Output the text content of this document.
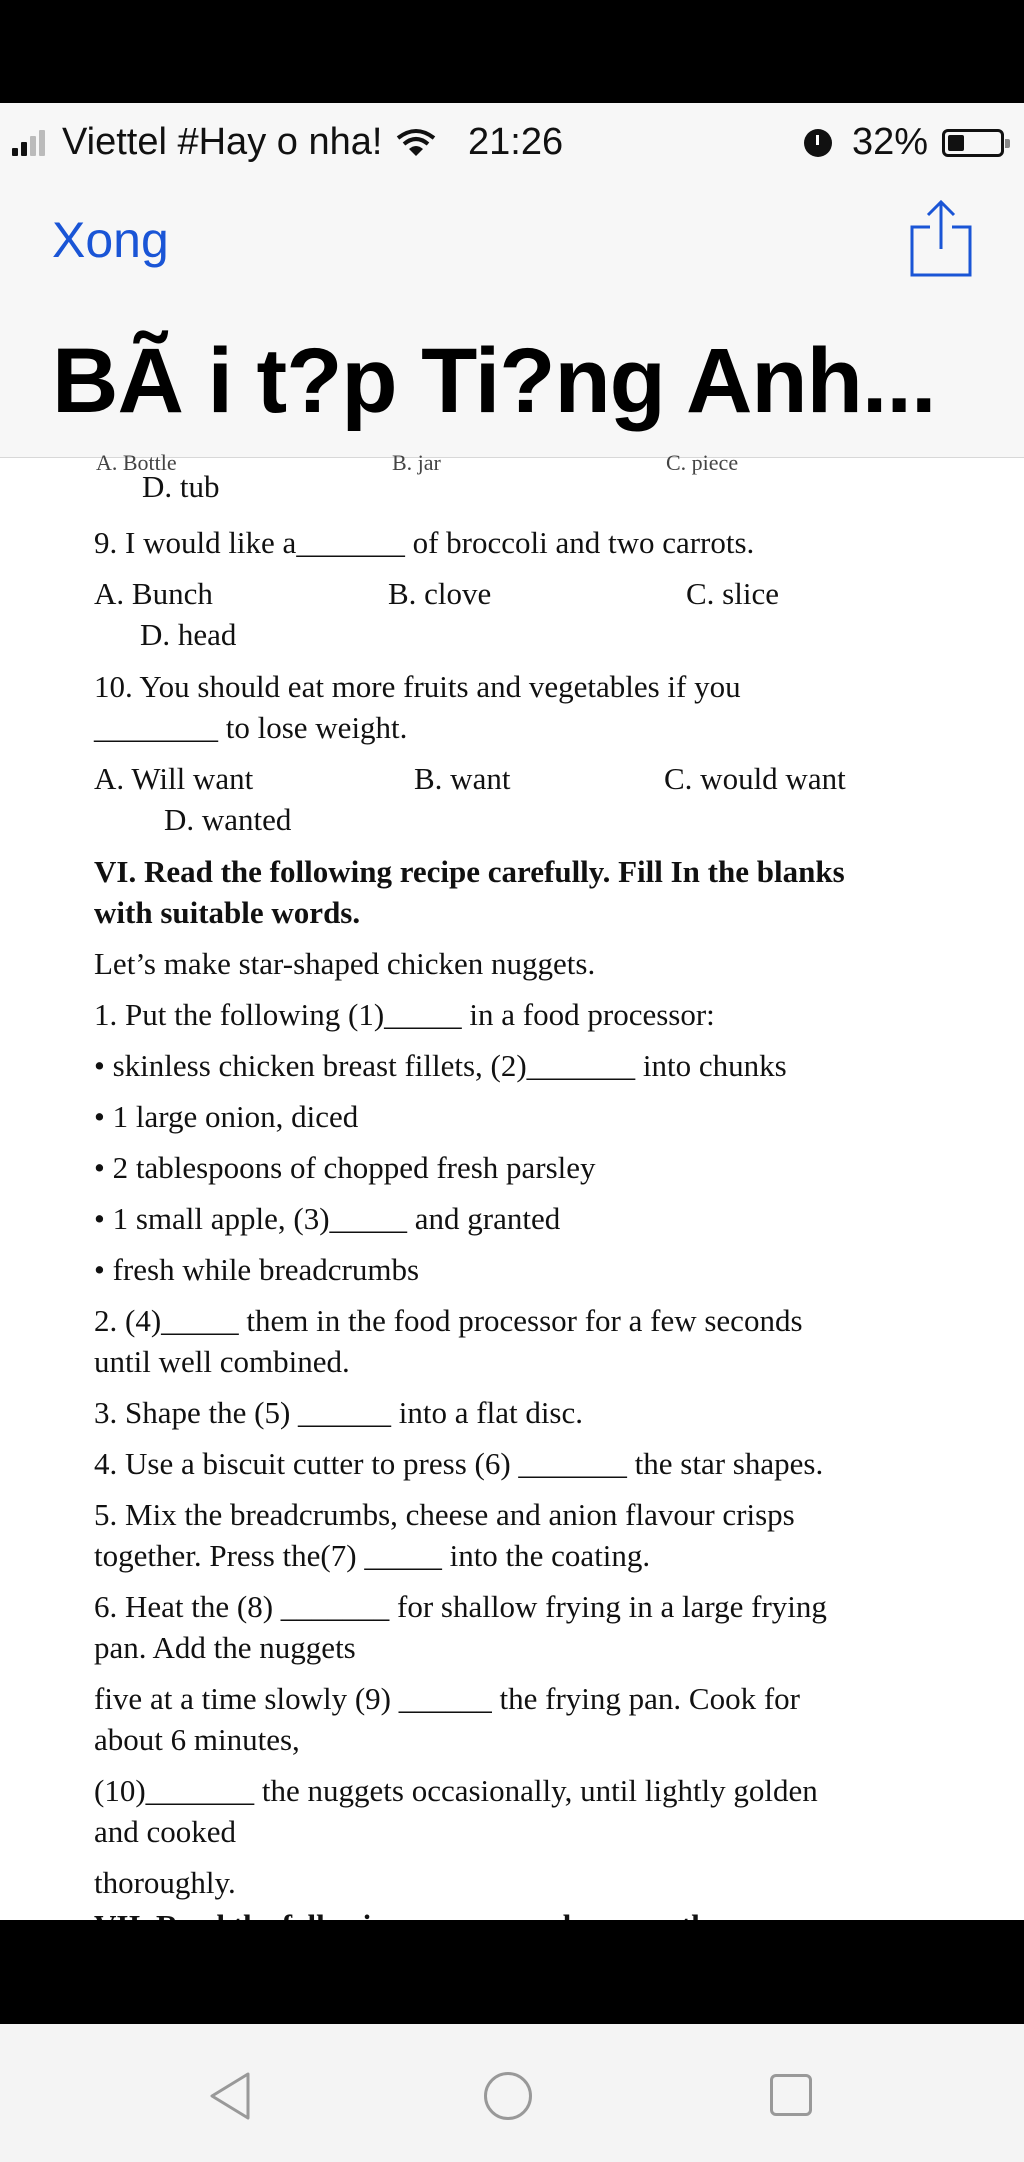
Viettel #Hay o nha! 21:26	32%
Xong
BÃ i t?p Ti?ng Anh...
A. Bottle	B. jar	C. piece
D. tub
9. I would like a_______ of broccoli and two carrots.
A. Bunch	B. clove	C. slice
D. head
10. You should eat more fruits and vegetables if you
________ to lose weight.
A. Will want	B. want	C. would want
D. wanted
VI. Read the following recipe carefully. Fill In the blanks
with suitable words.
Let’s make star-shaped chicken nuggets.
1. Put the following (1)_____ in a food processor:
• skinless chicken breast fillets, (2)_______ into chunks
• 1 large onion, diced
• 2 tablespoons of chopped fresh parsley
• 1 small apple, (3)_____ and granted
• fresh while breadcrumbs
2. (4)_____ them in the food processor for a few seconds
until well combined.
3. Shape the (5) ______ into a flat disc.
4. Use a biscuit cutter to press (6) _______ the star shapes.
5. Mix the breadcrumbs, cheese and anion flavour crisps
together. Press the(7) _____ into the coating.
6. Heat the (8) _______ for shallow frying in a large frying
pan. Add the nuggets
five at a time slowly (9) ______ the frying pan. Cook for
about 6 minutes,
(10)_______ the nuggets occasionally, until lightly golden
and cooked
thoroughly.
